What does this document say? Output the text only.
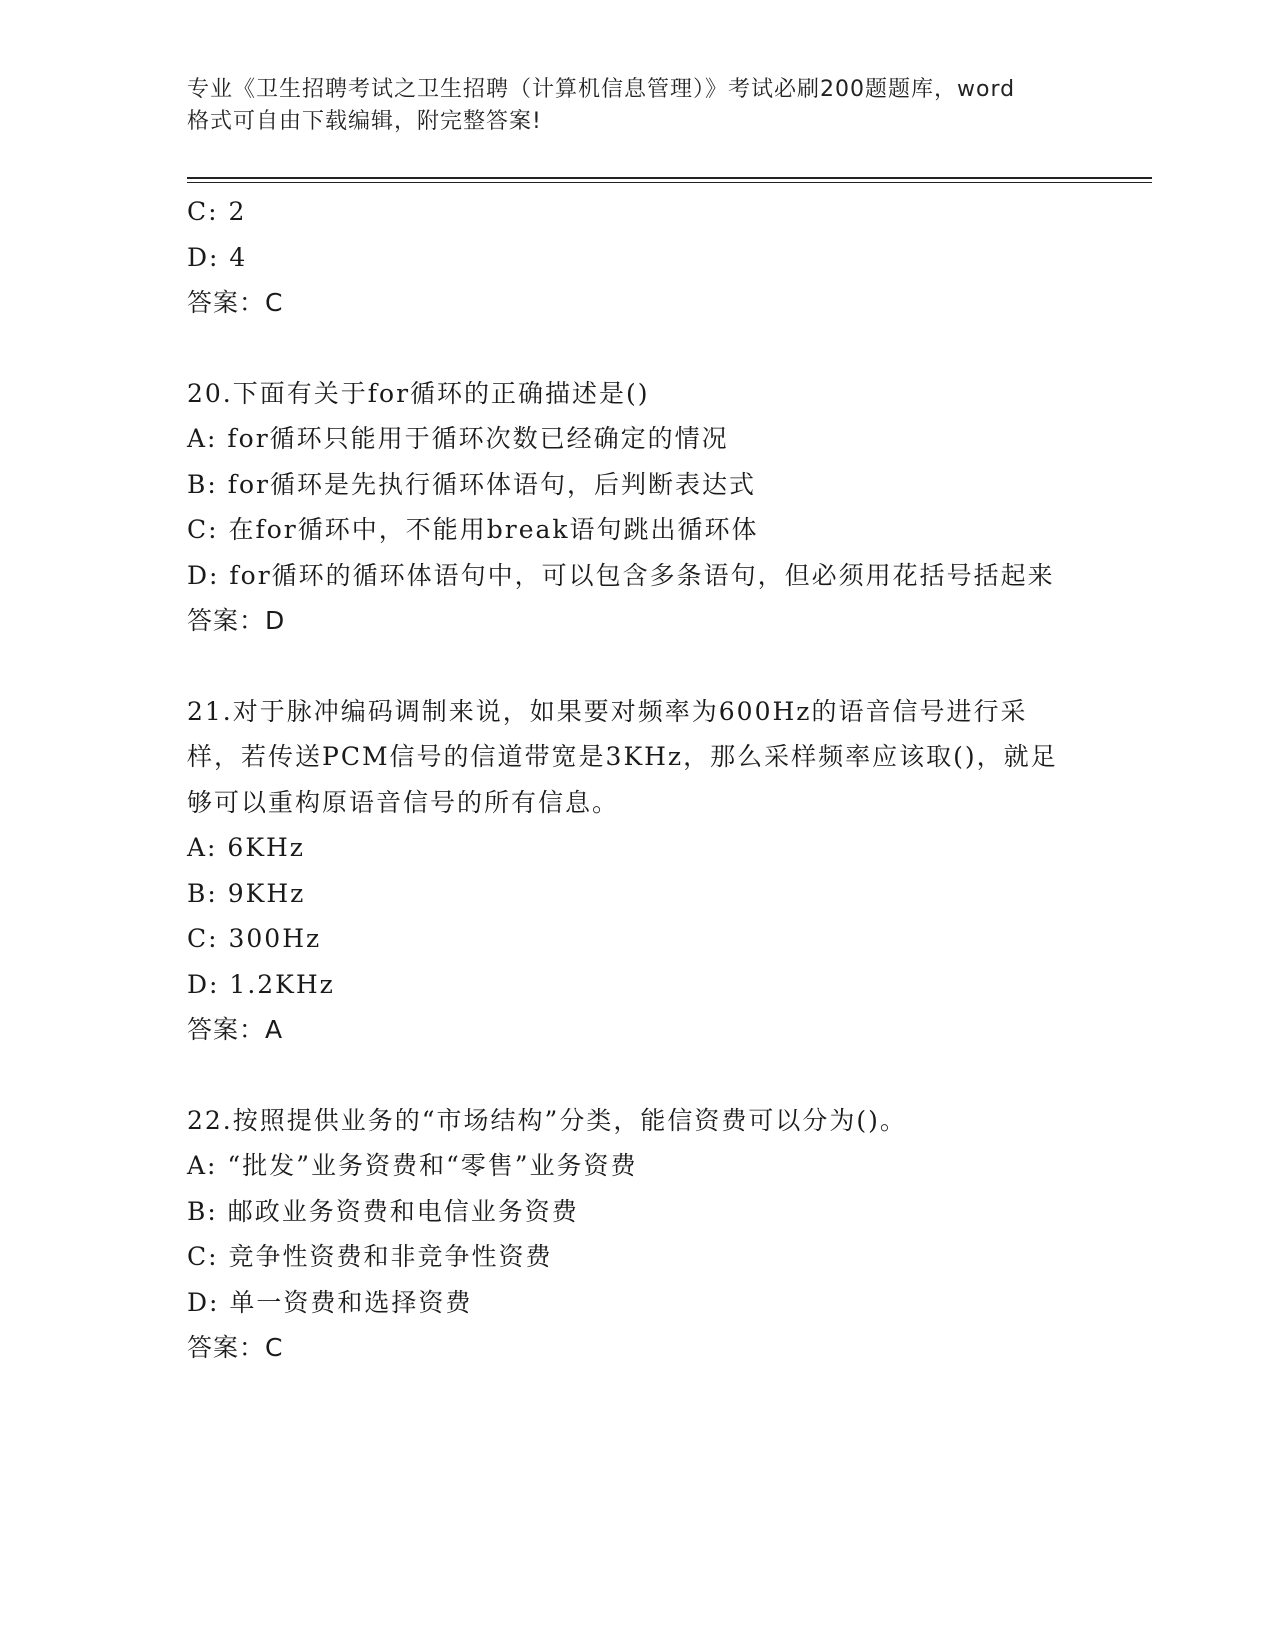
专业《卫生招聘考试之卫生招聘（计算机信息管理）》考试必刷200题题库，word
格式可自由下载编辑，附完整答案!
C: 2
D: 4
答案：C
20.下面有关于for循环的正确描述是()
A: for循环只能用于循环次数已经确定的情况
B: for循环是先执行循环体语句，后判断表达式
C: 在for循环中，不能用break语句跳出循环体
D: for循环的循环体语句中，可以包含多条语句，但必须用花括号括起来
答案：D
21.对于脉冲编码调制来说，如果要对频率为600Hz的语音信号进行采样，若传送PCM信号的信道带宽是3KHz，那么采样频率应该取()，就足够可以重构原语音信号的所有信息。
A: 6KHz
B: 9KHz
C: 300Hz
D: 1.2KHz
答案：A
22.按照提供业务的“市场结构”分类，能信资费可以分为()。
A: “批发”业务资费和“零售”业务资费
B: 邮政业务资费和电信业务资费
C: 竞争性资费和非竞争性资费
D: 单一资费和选择资费
答案：C
